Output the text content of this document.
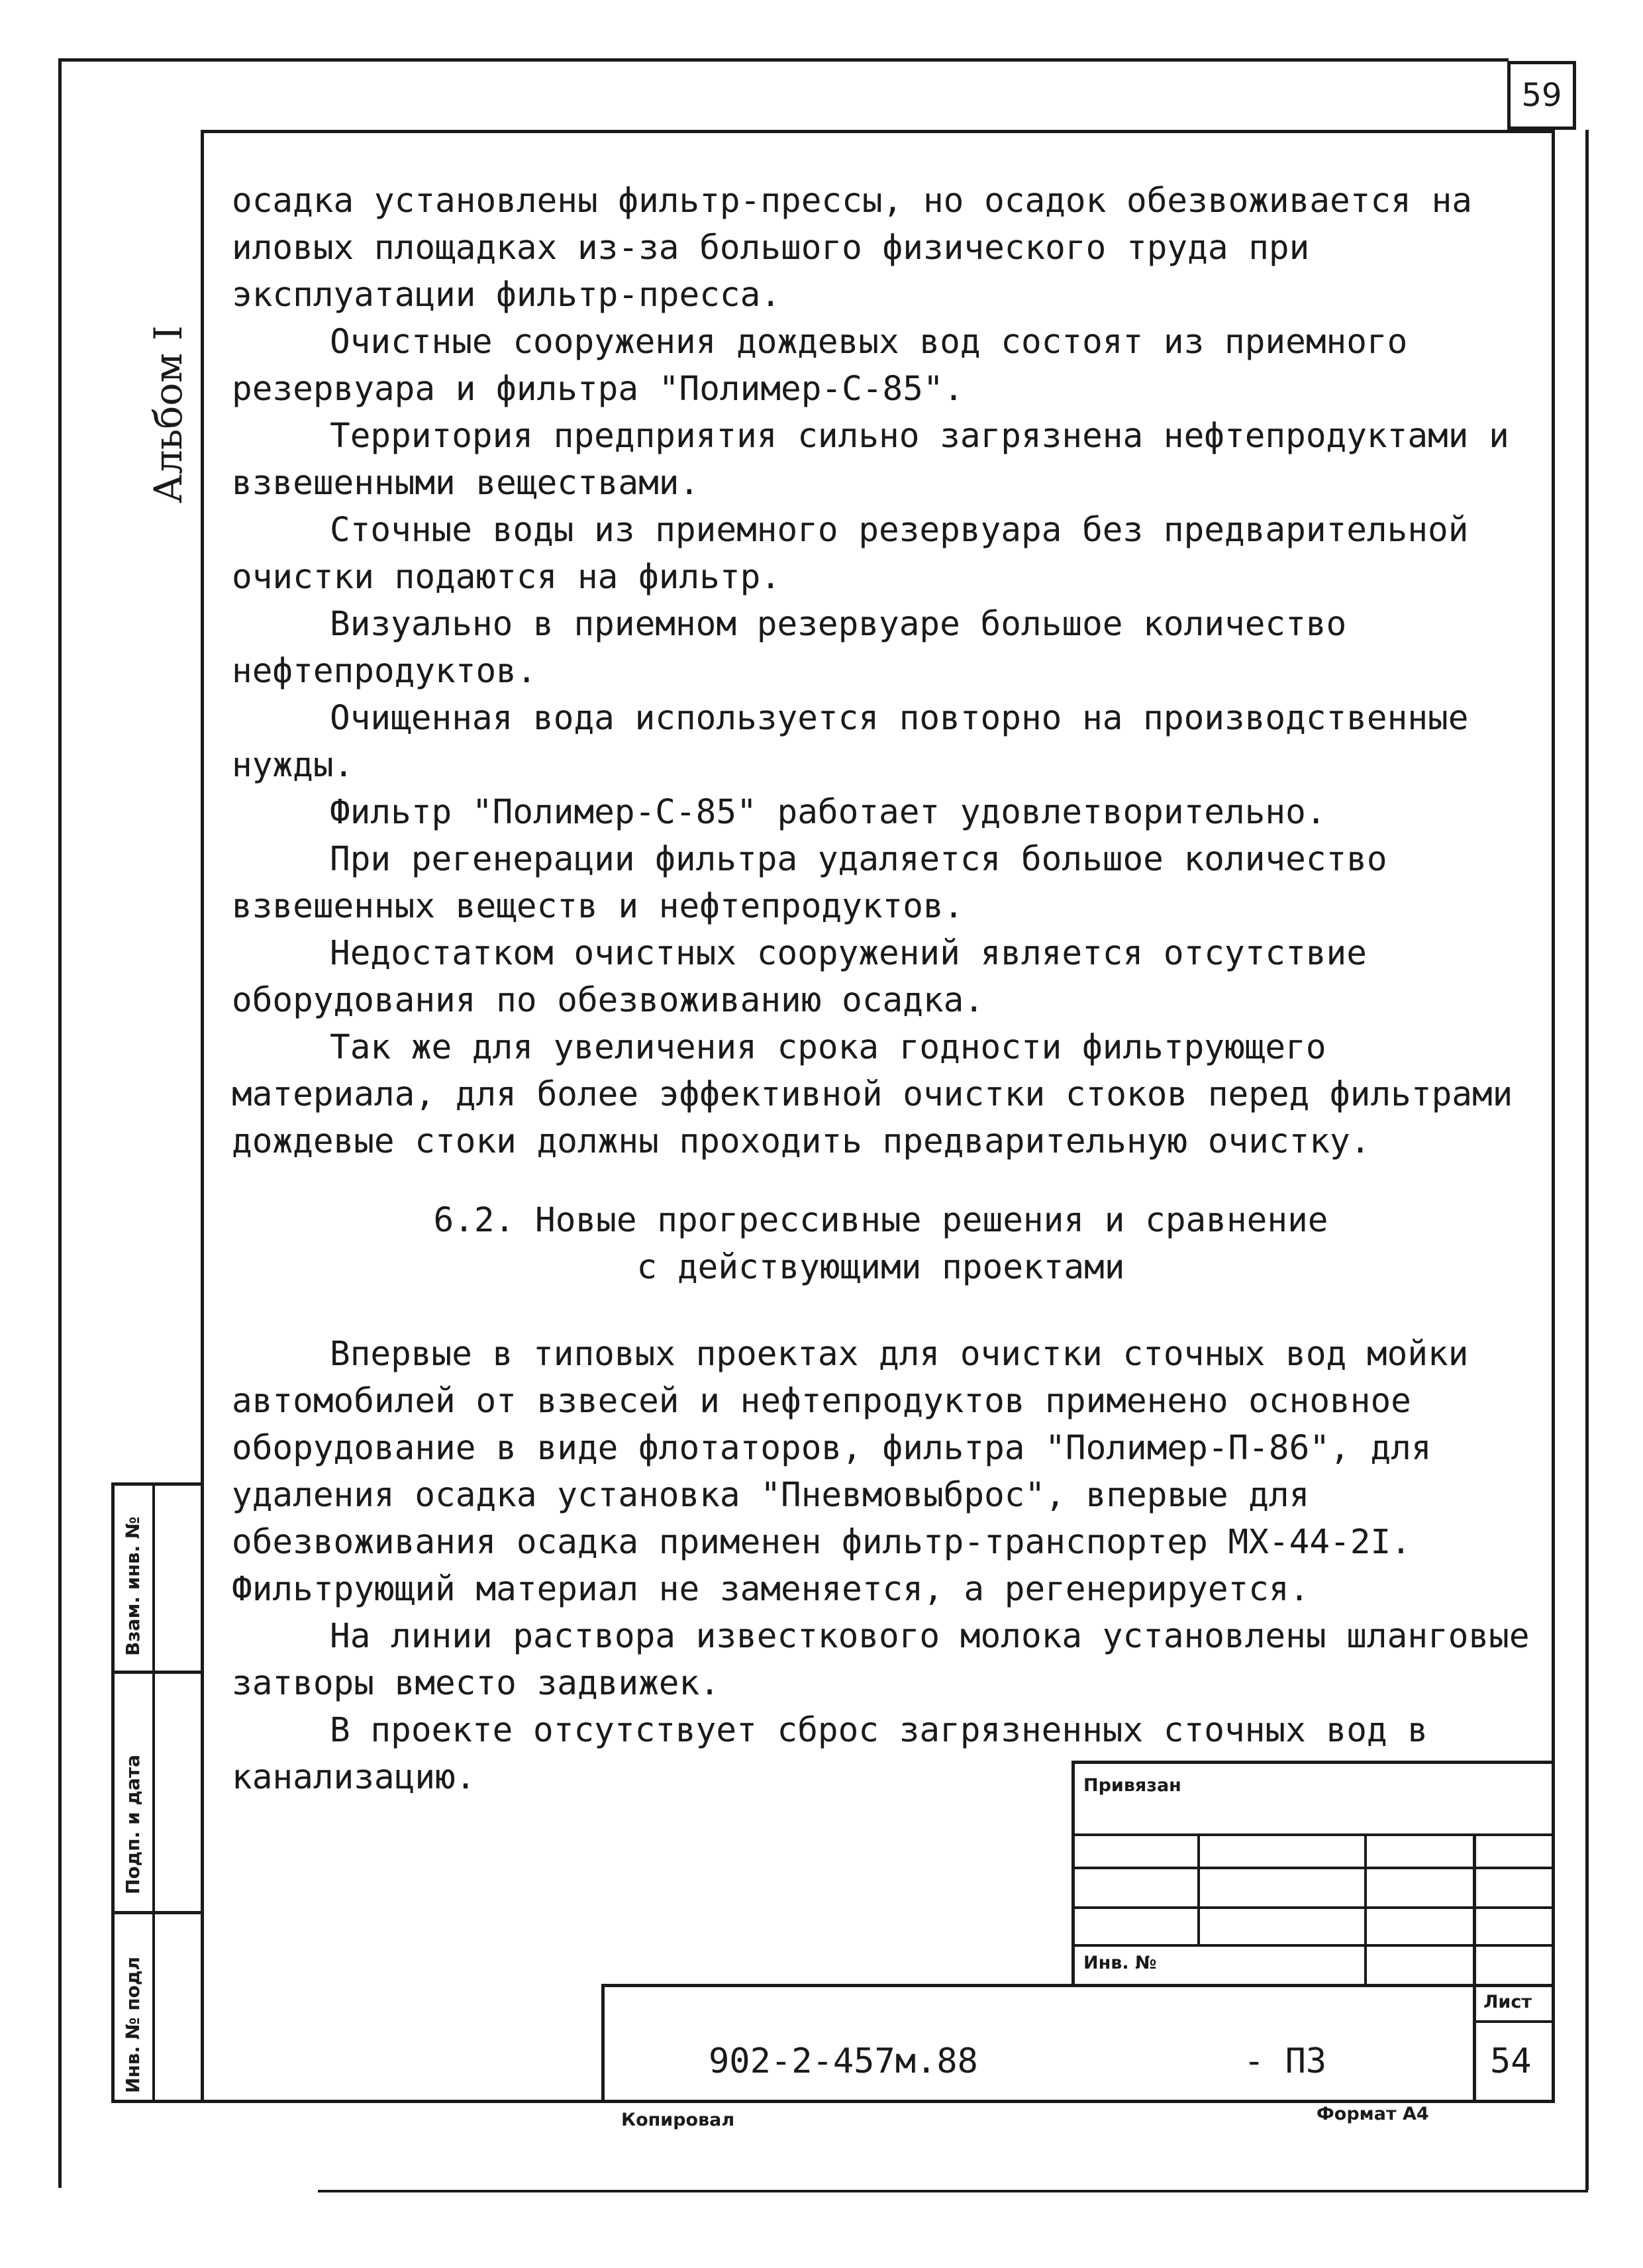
59
Альбом I

осадка установлены фильтр-прессы, но осадок обезвоживается на иловых площадках из-за большого физического труда при эксплуатации фильтр-пресса.

Очистные сооружения дождевых вод состоят из приемного резервуара и фильтра "Полимер-С-85".

Территория предприятия сильно загрязнена нефтепродуктами и взвешенными веществами.

Сточные воды из приемного резервуара без предварительной очистки подаются на фильтр.

Визуально в приемном резервуаре большое количество нефтепродуктов.

Очищенная вода используется повторно на производственные нужды.

Фильтр "Полимер-С-85" работает удовлетворительно.

При регенерации фильтра удаляется большое количество взвешенных веществ и нефтепродуктов.

Недостатком очистных сооружений является отсутствие оборудования по обезвоживанию осадка.

Так же для увеличения срока годности фильтрующего материала, для более эффективной очистки стоков перед фильтрами дождевые стоки должны проходить предварительную очистку.

6.2. Новые прогрессивные решения и сравнение
с действующими проектами

Впервые в типовых проектах для очистки сточных вод мойки автомобилей от взвесей и нефтепродуктов применено основное оборудование в виде флотаторов, фильтра "Полимер-П-86", для удаления осадка установка "Пневмовыброс", впервые для обезвоживания осадка применен фильтр-транспортер МХ-44-2I. Фильтрующий материал не заменяется, а регенерируется.

На линии раствора известкового молока установлены шланговые затворы вместо задвижек.

В проекте отсутствует сброс загрязненных сточных вод в канализацию.

Взам. инв. №
Подп. и дата
Инв. № подл
Привязан
Инв. №
Лист
902-2-457м.88	- ПЗ	54
Копировал	Формат А4
